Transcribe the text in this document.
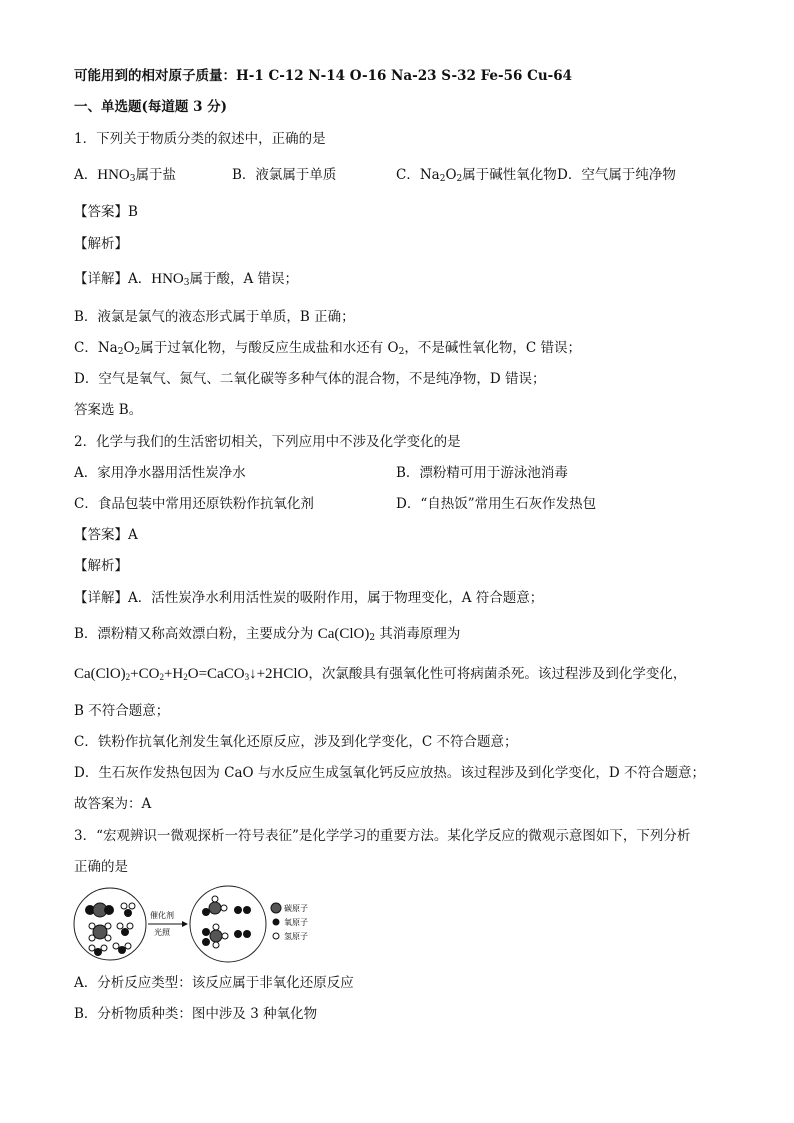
可能用到的相对原子质量：H-1 C-12 N-14 O-16 Na-23 S-32 Fe-56 Cu-64
一、单选题(每道题 3 分)
1．下列关于物质分类的叙述中，正确的是
A．$HNO_3$属于盐	B．液氯属于单质	C．$Na_2O_2$属于碱性氧化物 D．空气属于纯净物
【答案】B
【解析】
【详解】A．$HNO_3$属于酸，A 错误；
B．液氯是氯气的液态形式属于单质，B 正确；
C．$Na_2O_2$属于过氧化物，与酸反应生成盐和水还有 $O_2$，不是碱性氧化物，C 错误；
D．空气是氧气、氮气、二氧化碳等多种气体的混合物，不是纯净物，D 错误；
答案选 B。
2．化学与我们的生活密切相关，下列应用中不涉及化学变化的是
A．家用净水器用活性炭净水	B．漂粉精可用于游泳池消毒
C．食品包装中常用还原铁粉作抗氧化剂	D．“自热饭”常用生石灰作发热包
【答案】A
【解析】
【详解】A．活性炭净水利用活性炭的吸附作用，属于物理变化，A 符合题意；
B．漂粉精又称高效漂白粉，主要成分为 $Ca(ClO)_2$ 其消毒原理为
$Ca(ClO)_2+CO_2+H_2O=CaCO_3↓+2HClO$，次氯酸具有强氧化性可将病菌杀死。该过程涉及到化学变化，
B 不符合题意；
C．铁粉作抗氧化剂发生氧化还原反应，涉及到化学变化，C 不符合题意；
D．生石灰作发热包因为 CaO 与水反应生成氢氧化钙反应放热。该过程涉及到化学变化，D 不符合题意；
故答案为：A
3．“宏观辨识一微观探析一符号表征”是化学学习的重要方法。某化学反应的微观示意图如下，下列分析
正确的是
催化剂
光照
碳原子
氧原子
氢原子
A．分析反应类型：该反应属于非氧化还原反应
B．分析物质种类：图中涉及 3 种氧化物
